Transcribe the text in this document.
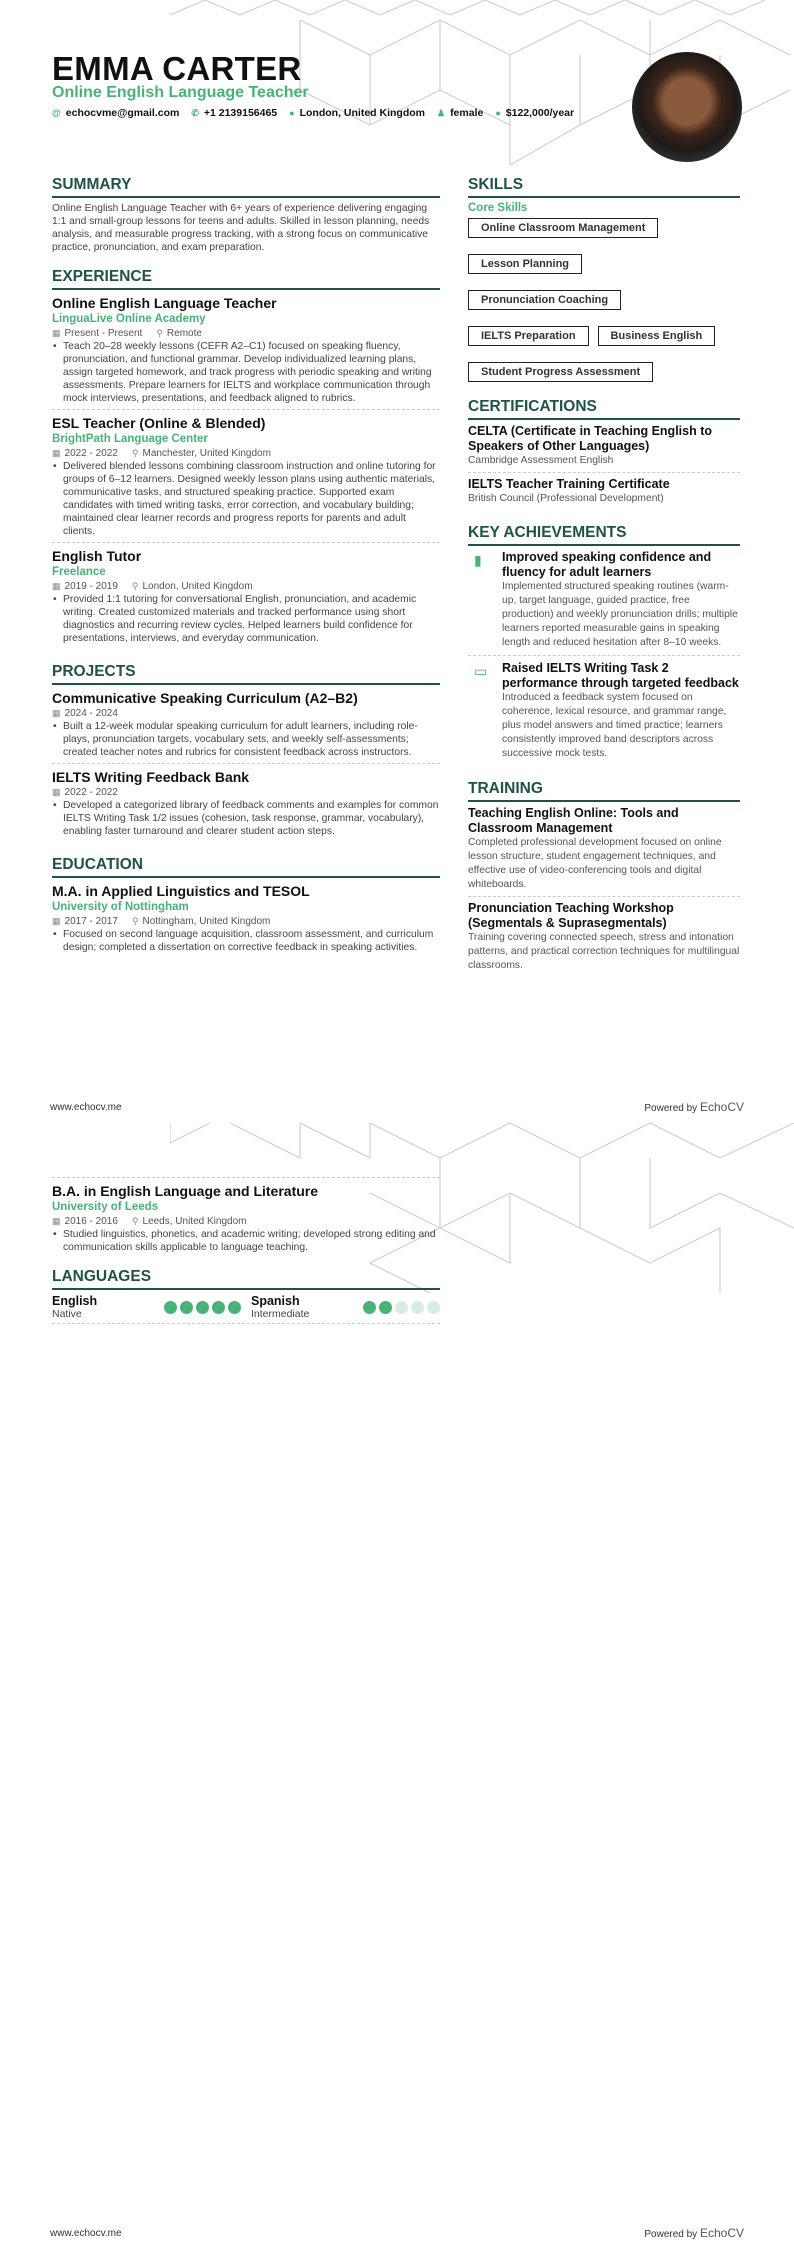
EMMA CARTER
Online English Language Teacher
@ echocvme@gmail.com ✆ +1 2139156465 ● London, United Kingdom ♟ female ● $122,000/year
SUMMARY

Online English Language Teacher with 6+ years of experience delivering engaging 1:1 and small-group lessons for teens and adults. Skilled in lesson planning, needs analysis, and measurable progress tracking, with a strong focus on communicative practice, pronunciation, and exam preparation.

EXPERIENCE
Online English Language Teacher
LinguaLive Online Academy
▦ Present - Present ⚲ Remote
• Teach 20–28 weekly lessons (CEFR A2–C1) focused on speaking fluency, pronunciation, and functional grammar. Develop individualized learning plans, assign targeted homework, and track progress with periodic speaking and writing assessments. Prepare learners for IELTS and workplace communication through mock interviews, presentations, and feedback aligned to rubrics.
ESL Teacher (Online & Blended)
BrightPath Language Center
▦ 2022 - 2022 ⚲ Manchester, United Kingdom
• Delivered blended lessons combining classroom instruction and online tutoring for groups of 6–12 learners. Designed weekly lesson plans using authentic materials, communicative tasks, and structured speaking practice. Supported exam candidates with timed writing tasks, error correction, and vocabulary building; maintained clear learner records and progress reports for parents and adult clients.
English Tutor
Freelance
▦ 2019 - 2019 ⚲ London, United Kingdom
• Provided 1:1 tutoring for conversational English, pronunciation, and academic writing. Created customized materials and tracked performance using short diagnostics and recurring review cycles. Helped learners build confidence for presentations, interviews, and everyday communication.
PROJECTS
Communicative Speaking Curriculum (A2–B2)
▦ 2024 - 2024
• Built a 12-week modular speaking curriculum for adult learners, including role-plays, pronunciation targets, vocabulary sets, and weekly self-assessments; created teacher notes and rubrics for consistent feedback across instructors.
IELTS Writing Feedback Bank
▦ 2022 - 2022
• Developed a categorized library of feedback comments and examples for common IELTS Writing Task 1/2 issues (cohesion, task response, grammar, vocabulary), enabling faster turnaround and clearer student action steps.
EDUCATION
M.A. in Applied Linguistics and TESOL
University of Nottingham
▦ 2017 - 2017 ⚲ Nottingham, United Kingdom
• Focused on second language acquisition, classroom assessment, and curriculum design; completed a dissertation on corrective feedback in speaking activities.
SKILLS
Core Skills
Online Classroom Management
Lesson Planning
Pronunciation Coaching
IELTS Preparation	Business English
Student Progress Assessment
CERTIFICATIONS
CELTA (Certificate in Teaching English to Speakers of Other Languages)
Cambridge Assessment English
IELTS Teacher Training Certificate
British Council (Professional Development)
KEY ACHIEVEMENTS
▮	Improved speaking confidence and fluency for adult learners
Implemented structured speaking routines (warm-up, target language, guided practice, free production) and weekly pronunciation drills; multiple learners reported measurable gains in speaking length and reduced hesitation after 8–10 weeks.
▭	Raised IELTS Writing Task 2 performance through targeted feedback
Introduced a feedback system focused on coherence, lexical resource, and grammar range, plus model answers and timed practice; learners consistently improved band descriptors across successive mock tests.
TRAINING
Teaching English Online: Tools and Classroom Management
Completed professional development focused on online lesson structure, student engagement techniques, and effective use of video-conferencing tools and digital whiteboards.
Pronunciation Teaching Workshop (Segmentals & Suprasegmentals)
Training covering connected speech, stress and intonation patterns, and practical correction techniques for multilingual classrooms.
www.echocv.me	Powered by EchoCV
B.A. in English Language and Literature
University of Leeds
▦ 2016 - 2016 ⚲ Leeds, United Kingdom
• Studied linguistics, phonetics, and academic writing; developed strong editing and communication skills applicable to language teaching.
LANGUAGES
English
Native
Spanish
Intermediate
www.echocv.me	Powered by EchoCV
